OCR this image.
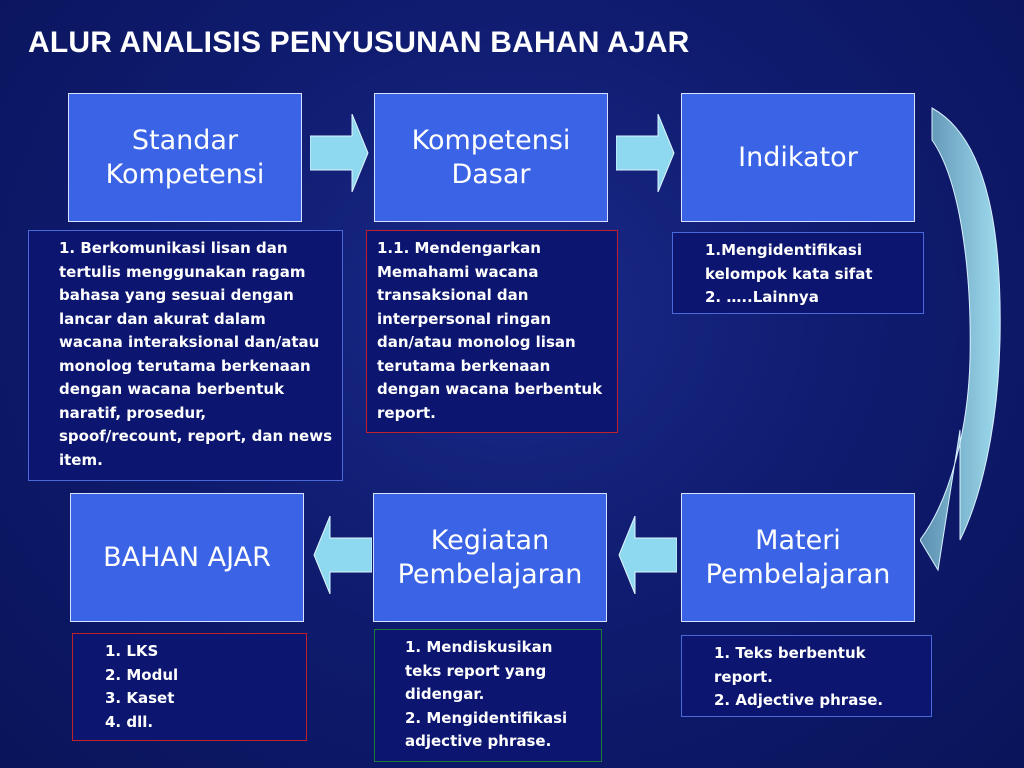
ALUR ANALISIS PENYUSUNAN BAHAN AJAR
Standar
Kompetensi
Kompetensi
Dasar
Indikator
BAHAN AJAR
Kegiatan
Pembelajaran
Materi
Pembelajaran
1. Berkomunikasi lisan dan tertulis menggunakan ragam bahasa yang sesuai dengan lancar dan akurat dalam wacana interaksional dan/atau monolog terutama berkenaan dengan wacana berbentuk naratif, prosedur, spoof/recount, report, dan news item.
1.1. Mendengarkan Memahami wacana transaksional dan interpersonal ringan dan/atau monolog lisan terutama berkenaan dengan wacana berbentuk report.
1.Mengidentifikasi
kelompok kata sifat
2. …..Lainnya
1. LKS
2. Modul
3. Kaset
4. dll.
1. Mendiskusikan teks report yang didengar.
2. Mengidentifikasi adjective phrase.
1. Teks berbentuk
report.
2. Adjective phrase.
